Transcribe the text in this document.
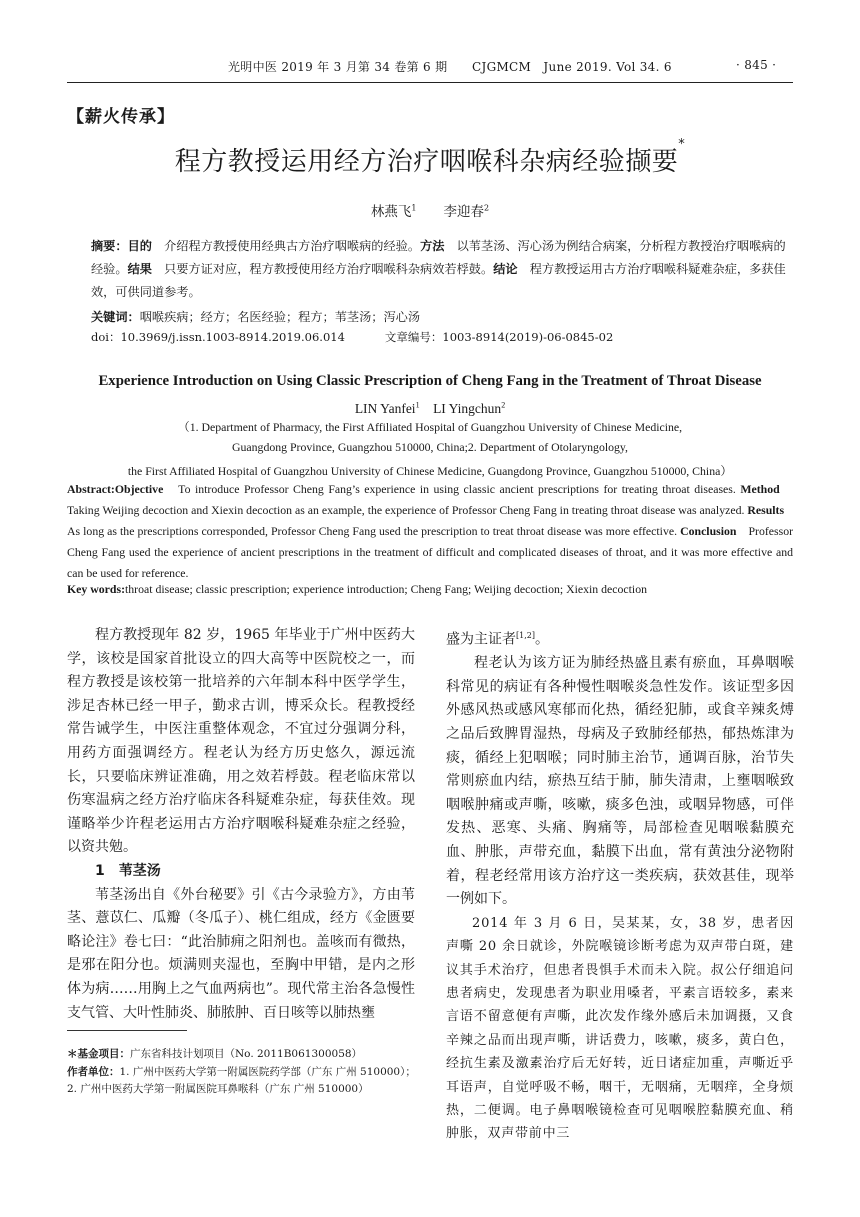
光明中医 2019 年 3 月第 34 卷第 6 期　　CJGMCM　June 2019. Vol 34. 6	· 845 ·
【薪火传承】
程方教授运用经方治疗咽喉科杂病经验撷要*
林燕飞$^1$　　 李迎春$^2$
摘要：目的　介绍程方教授使用经典古方治疗咽喉病的经验。方法　以苇茎汤、泻心汤为例结合病案，分析程方教授治疗咽喉病的经验。结果　只要方证对应，程方教授使用经方治疗咽喉科杂病效若桴鼓。结论　程方教授运用古方治疗咽喉科疑难杂症，多获佳效，可供同道参考。
关键词：咽喉疾病；经方；名医经验；程方；苇茎汤；泻心汤
doi：10.3969/j.issn.1003-8914.2019.06.014	文章编号：1003-8914(2019)-06-0845-02
Experience Introduction on Using Classic Prescription of Cheng Fang in the Treatment of Throat Disease
LIN Yanfei$^1$　 LI Yingchun$^2$
（1. Department of Pharmacy, the First Affiliated Hospital of Guangzhou University of Chinese Medicine,
Guangdong Province, Guangzhou 510000, China;2. Department of Otolaryngology,
the First Affiliated Hospital of Guangzhou University of Chinese Medicine, Guangdong Province, Guangzhou 510000, China）
Abstract:Objective　To introduce Professor Cheng Fang’s experience in using classic ancient prescriptions for treating throat diseases. Method　Taking Weijing decoction and Xiexin decoction as an example, the experience of Professor Cheng Fang in treating throat disease was analyzed. Results　As long as the prescriptions corresponded, Professor Cheng Fang used the prescription to treat throat disease was more effective. Conclusion　Professor Cheng Fang used the experience of ancient prescriptions in the treatment of difficult and complicated diseases of throat, and it was more effective and can be used for reference.
Key words:throat disease; classic prescription; experience introduction; Cheng Fang; Weijing decoction; Xiexin decoction

程方教授现年 82 岁，1965 年毕业于广州中医药大学，该校是国家首批设立的四大高等中医院校之一，而程方教授是该校第一批培养的六年制本科中医学学生，涉足杏林已经一甲子，勤求古训，博采众长。程教授经常告诫学生，中医注重整体观念，不宜过分强调分科，用药方面强调经方。程老认为经方历史悠久，源远流长，只要临床辨证准确，用之效若桴鼓。程老临床常以伤寒温病之经方治疗临床各科疑难杂症，每获佳效。现谨略举少许程老运用古方治疗咽喉科疑难杂症之经验，以资共勉。

1　苇茎汤

苇茎汤出自《外台秘要》引《古今录验方》，方由苇茎、薏苡仁、瓜瓣（冬瓜子）、桃仁组成，经方《金匮要略论注》卷七曰：“此治肺痈之阳剂也。盖咳而有微热，是邪在阳分也。烦满则夹湿也，至胸中甲错，是内之形体为病……用胸上之气血两病也”。现代常主治各急慢性支气管、大叶性肺炎、肺脓肿、百日咳等以肺热壅

盛为主证者[1,2]。

程老认为该方证为肺经热盛且素有瘀血，耳鼻咽喉科常见的病证有各种慢性咽喉炎急性发作。该证型多因外感风热或感风寒郁而化热，循经犯肺，或食辛辣炙煿之品后致脾胃湿热，母病及子致肺经郁热，郁热炼津为痰，循经上犯咽喉；同时肺主治节，通调百脉，治节失常则瘀血内结，瘀热互结于肺，肺失清肃，上壅咽喉致咽喉肿痛或声嘶，咳嗽，痰多色浊，或咽异物感，可伴发热、恶寒、头痛、胸痛等，局部检查见咽喉黏膜充血、肿胀，声带充血，黏膜下出血，常有黄浊分泌物附着，程老经常用该方治疗这一类疾病，获效甚佳，现举一例如下。

2014 年 3 月 6 日，吴某某，女，38 岁，患者因声嘶 20 余日就诊，外院喉镜诊断考虑为双声带白斑，建议其手术治疗，但患者畏惧手术而未入院。叔公仔细追问患者病史，发现患者为职业用嗓者，平素言语较多，素来言语不留意便有声嘶，此次发作缘外感后未加调摄，又食辛辣之品而出现声嘶，讲话费力，咳嗽，痰多，黄白色，经抗生素及激素治疗后无好转，近日诸症加重，声嘶近乎耳语声，自觉呼吸不畅，咽干，无咽痛，无咽痒，全身烦热，二便调。电子鼻咽喉镜检查可见咽喉腔黏膜充血、稍肿胀，双声带前中三

＊基金项目：广东省科技计划项目（No. 2011B061300058）
作者单位：1. 广州中医药大学第一附属医院药学部（广东 广州 510000）；2. 广州中医药大学第一附属医院耳鼻喉科（广东 广州 510000）
